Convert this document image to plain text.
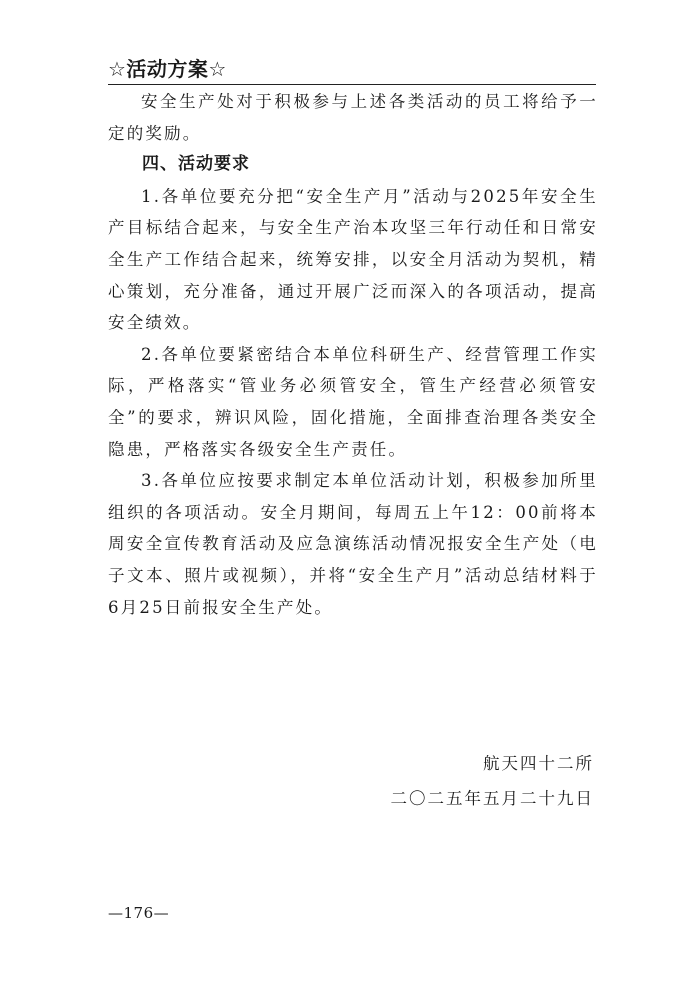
☆活动方案☆

安全生产处对于积极参与上述各类活动的员工将给予一定的奖励。

四、活动要求

1.各单位要充分把“安全生产月”活动与2025年安全生产目标结合起来，与安全生产治本攻坚三年行动任和日常安全生产工作结合起来，统筹安排，以安全月活动为契机，精心策划，充分准备，通过开展广泛而深入的各项活动，提高安全绩效。

2.各单位要紧密结合本单位科研生产、经营管理工作实际，严格落实“管业务必须管安全，管生产经营必须管安全”的要求，辨识风险，固化措施，全面排查治理各类安全隐患，严格落实各级安全生产责任。

3.各单位应按要求制定本单位活动计划，积极参加所里组织的各项活动。安全月期间，每周五上午12：00前将本周安全宣传教育活动及应急演练活动情况报安全生产处（电子文本、照片或视频），并将“安全生产月”活动总结材料于6月25日前报安全生产处。

航天四十二所
二〇二五年五月二十九日
—176—
